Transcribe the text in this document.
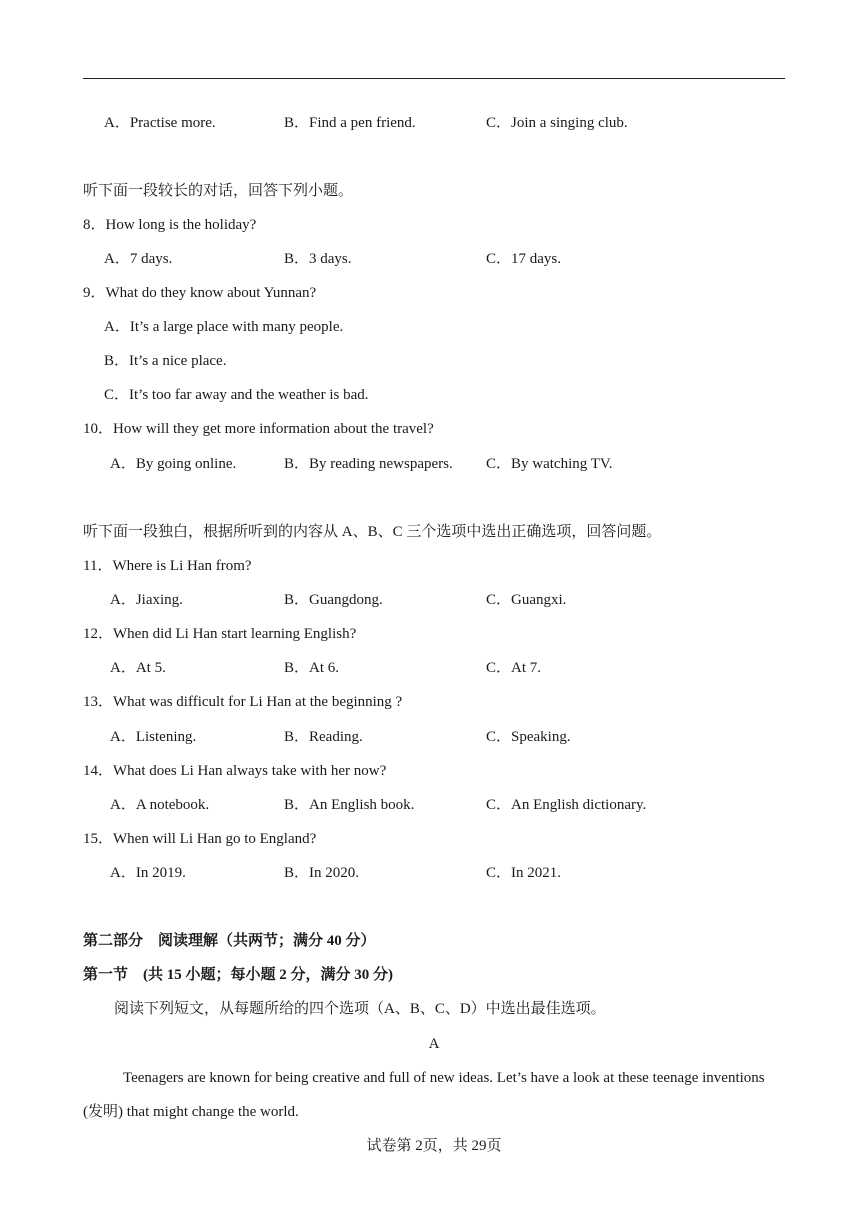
A．Practise more.	B．Find a pen friend.	C．Join a singing club.
听下面一段较长的对话，回答下列小题。
8．How long is the holiday?
A．7 days.	B．3 days.	C．17 days.
9．What do they know about Yunnan?
A．It’s a large place with many people.
B．It’s a nice place.
C．It’s too far away and the weather is bad.
10．How will they get more information about the travel?
A．By going online.	B．By reading newspapers. C．By watching TV.
听下面一段独白，根据所听到的内容从 A、B、C 三个选项中选出正确选项，回答问题。
11．Where is Li Han from?
A．Jiaxing.	B．Guangdong.	C．Guangxi.
12．When did Li Han start learning English?
A．At 5.	B．At 6.	C．At 7.
13．What was difficult for Li Han at the beginning ?
A．Listening.	B．Reading.	C．Speaking.
14．What does Li Han always take with her now?
A．A notebook.	B．An English book.	C．An English dictionary.
15．When will Li Han go to England?
A．In 2019.	B．In 2020.	C．In 2021.
第二部分　阅读理解（共两节；满分 40 分）
第一节　(共 15 小题；每小题 2 分，满分 30 分)
阅读下列短文，从每题所给的四个选项（A、B、C、D）中选出最佳选项。
A
Teenagers are known for being creative and full of new ideas. Let’s have a look at these teenage inventions
(发明) that might change the world.
试卷第 2页，共 29页
